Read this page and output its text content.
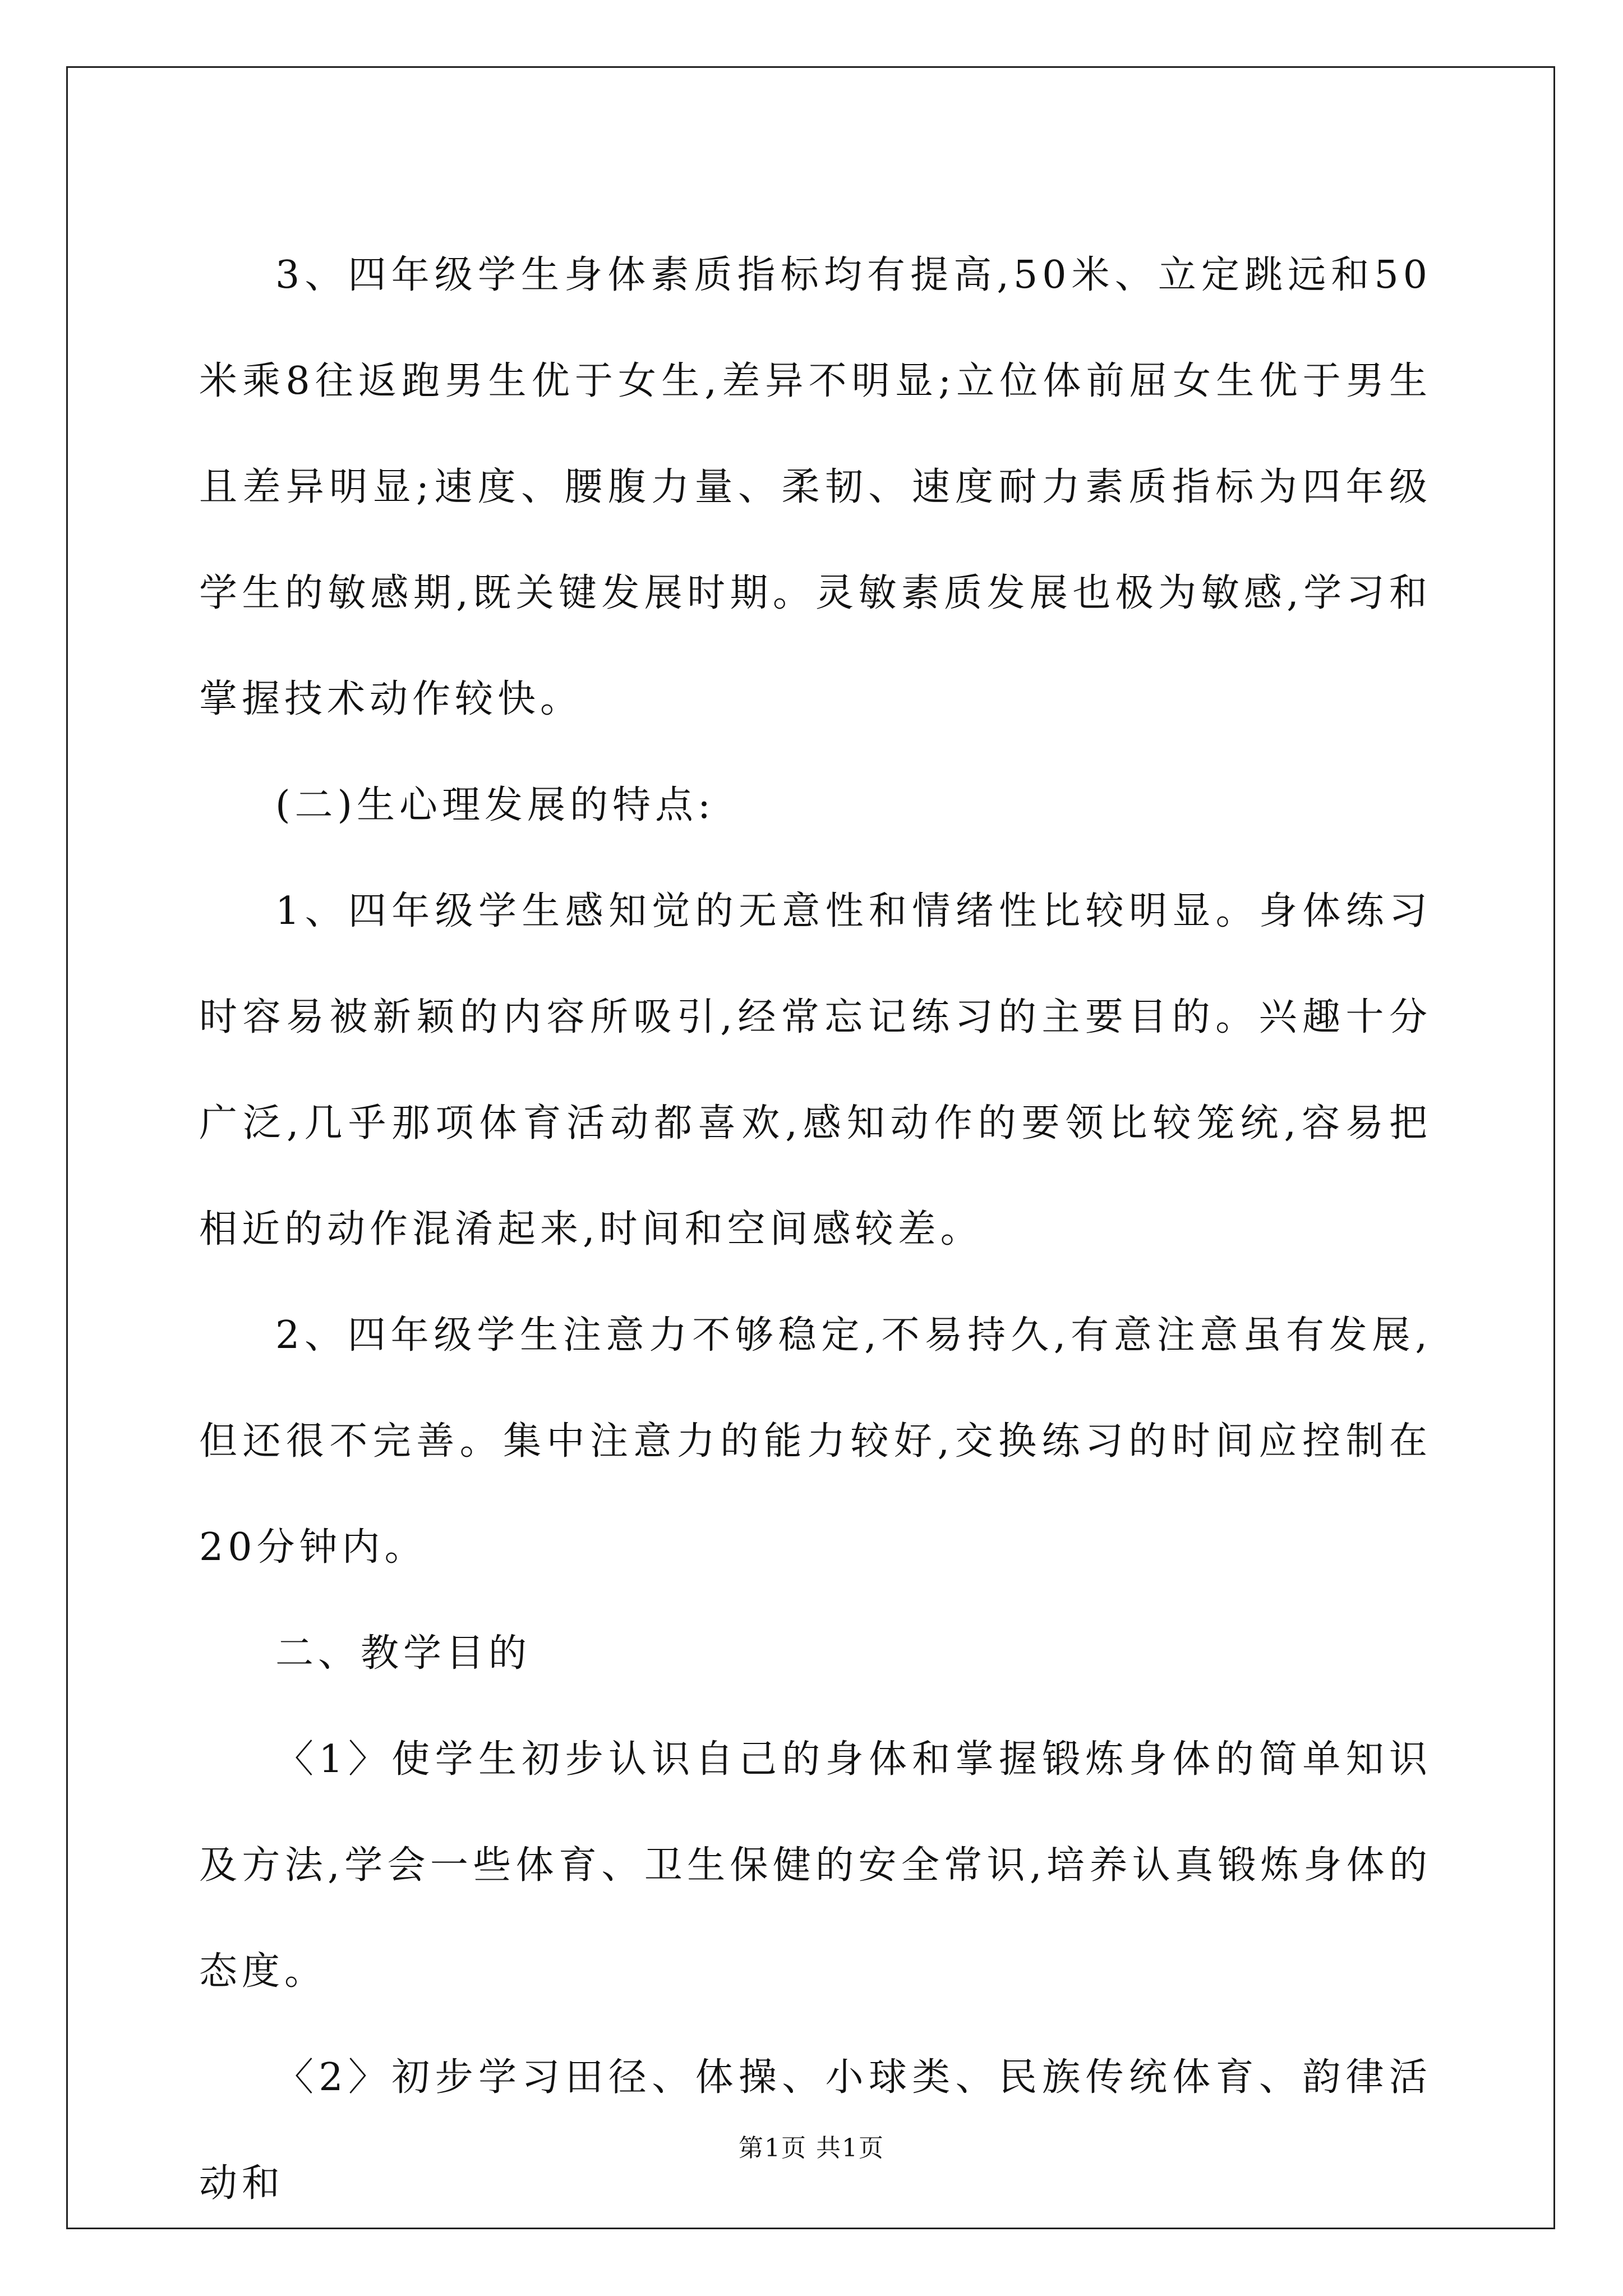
3、四年级学生身体素质指标均有提高,50米、立定跳远和50米乘8往返跑男生优于女生,差异不明显;立位体前屈女生优于男生且差异明显;速度、腰腹力量、柔韧、速度耐力素质指标为四年级学生的敏感期,既关键发展时期。灵敏素质发展也极为敏感,学习和掌握技术动作较快。

(二)生心理发展的特点:

1、四年级学生感知觉的无意性和情绪性比较明显。身体练习时容易被新颖的内容所吸引,经常忘记练习的主要目的。兴趣十分广泛,几乎那项体育活动都喜欢,感知动作的要领比较笼统,容易把相近的动作混淆起来,时间和空间感较差。

2、四年级学生注意力不够稳定,不易持久,有意注意虽有发展,但还很不完善。集中注意力的能力较好,交换练习的时间应控制在20分钟内。

二、教学目的

〈1〉使学生初步认识自己的身体和掌握锻炼身体的简单知识及方法,学会一些体育、卫生保健的安全常识,培养认真锻炼身体的态度。

〈2〉初步学习田径、体操、小球类、民族传统体育、韵律活动和

第1页 共1页
